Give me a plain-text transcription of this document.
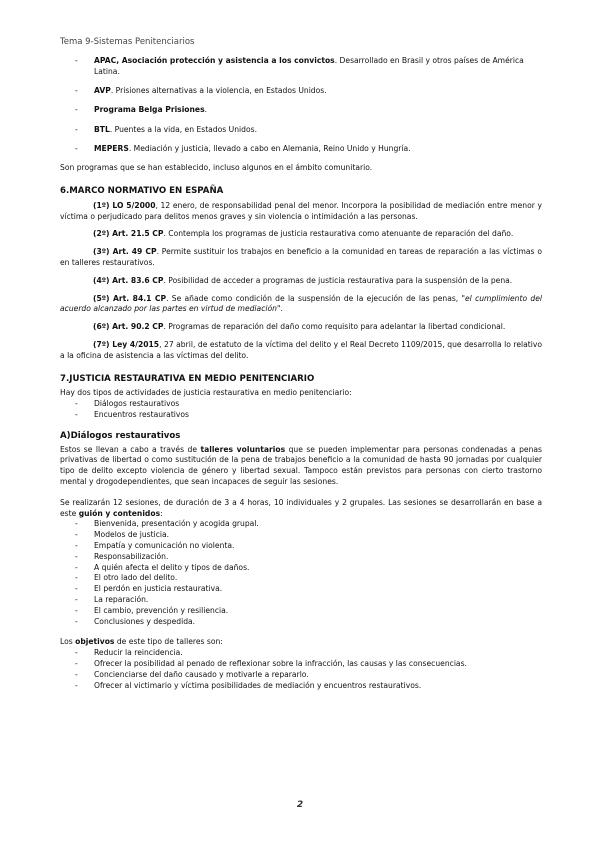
Tema 9-Sistemas Penitenciarios
- APAC, Asociación protección y asistencia a los convictos. Desarrollado en Brasil y otros países de América Latina.
- AVP. Prisiones alternativas a la violencia, en Estados Unidos.
- Programa Belga Prisiones.
- BTL. Puentes a la vida, en Estados Unidos.
- MEPERS. Mediación y justicia, llevado a cabo en Alemania, Reino Unido y Hungría.

Son programas que se han establecido, incluso algunos en el ámbito comunitario.

6.MARCO NORMATIVO EN ESPAÑA

(1º) LO 5/2000, 12 enero, de responsabilidad penal del menor. Incorpora la posibilidad de mediación entre menor y víctima o perjudicado para delitos menos graves y sin violencia o intimidación a las personas.

(2º) Art. 21.5 CP. Contempla los programas de justicia restaurativa como atenuante de reparación del daño.

(3º) Art. 49 CP. Permite sustituir los trabajos en beneficio a la comunidad en tareas de reparación a las víctimas o en talleres restaurativos.

(4º) Art. 83.6 CP. Posibilidad de acceder a programas de justicia restaurativa para la suspensión de la pena.

(5º) Art. 84.1 CP. Se añade como condición de la suspensión de la ejecución de las penas, "el cumplimiento del acuerdo alcanzado por las partes en virtud de mediación".

(6º) Art. 90.2 CP. Programas de reparación del daño como requisito para adelantar la libertad condicional.

(7º) Ley 4/2015, 27 abril, de estatuto de la víctima del delito y el Real Decreto 1109/2015, que desarrolla lo relativo a la oficina de asistencia a las víctimas del delito.

7.JUSTICIA RESTAURATIVA EN MEDIO PENITENCIARIO

Hay dos tipos de actividades de justicia restaurativa en medio penitenciario:

- Diálogos restaurativos
- Encuentros restaurativos
A)Diálogos restaurativos

Estos se llevan a cabo a través de talleres voluntarios que se pueden implementar para personas condenadas a penas privativas de libertad o como sustitución de la pena de trabajos beneficio a la comunidad de hasta 90 jornadas por cualquier tipo de delito excepto violencia de género y libertad sexual. Tampoco están previstos para personas con cierto trastorno mental y drogodependientes, que sean incapaces de seguir las sesiones.

Se realizarán 12 sesiones, de duración de 3 a 4 horas, 10 individuales y 2 grupales. Las sesiones se desarrollarán en base a este guión y contenidos:

- Bienvenida, presentación y acogida grupal.
- Modelos de justicia.
- Empatía y comunicación no violenta.
- Responsabilización.
- A quién afecta el delito y tipos de daños.
- El otro lado del delito.
- El perdón en justicia restaurativa.
- La reparación.
- El cambio, prevención y resiliencia.
- Conclusiones y despedida.

Los objetivos de este tipo de talleres son:

- Reducir la reincidencia.
- Ofrecer la posibilidad al penado de reflexionar sobre la infracción, las causas y las consecuencias.
- Concienciarse del daño causado y motivarle a repararlo.
- Ofrecer al victimario y víctima posibilidades de mediación y encuentros restaurativos.
2
